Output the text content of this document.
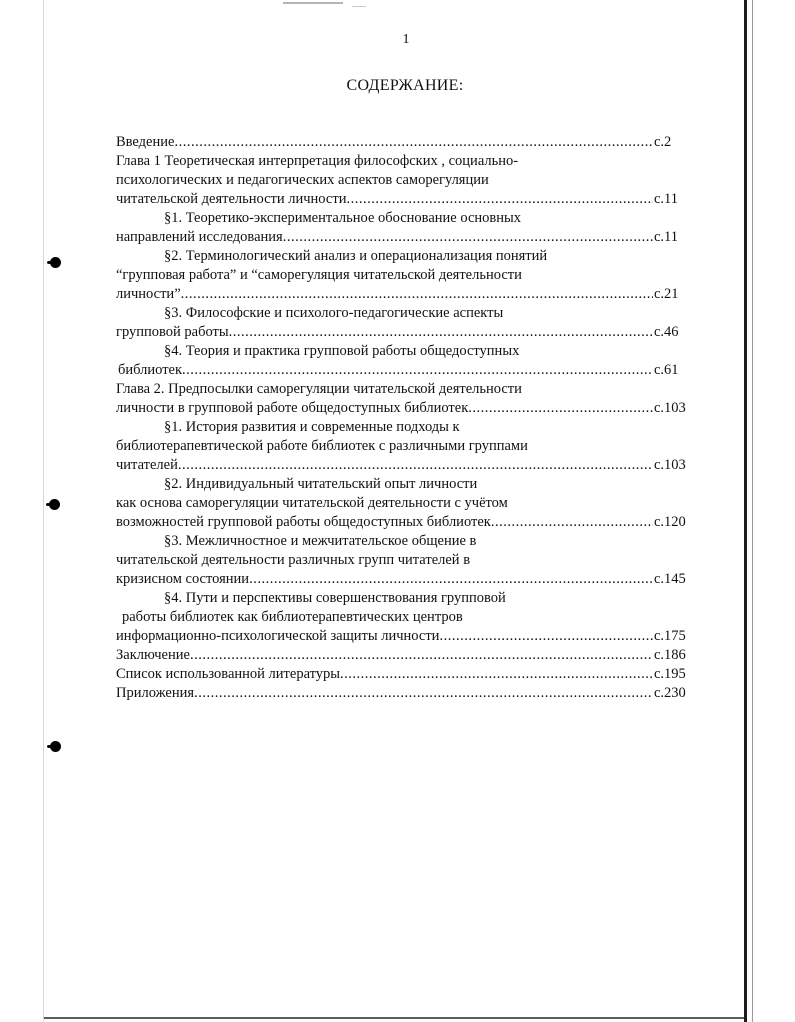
1
СОДЕРЖАНИЕ:
Введение .....	с.2
Глава 1 Теоретическая интерпретация философских , социально-
психологических и педагогических аспектов саморегуляции
читательской деятельности личности .....	с.11
§1. Теоретико-экспериментальное обоснование основных
направлений исследования .....	с.11
§2. Терминологический анализ и операционализация понятий
“групповая работа” и “саморегуляция читательской деятельности
личности” .....	с.21
§3. Философские и психолого-педагогические аспекты
групповой работы .....	с.46
§4. Теория и практика групповой работы общедоступных
библиотек .....	с.61
Глава 2. Предпосылки саморегуляции читательской деятельности
личности в групповой работе общедоступных библиотек .....	с.103
§1. История развития и современные подходы к
библиотерапевтической работе библиотек с различными группами
читателей .....	с.103
§2. Индивидуальный читательский опыт личности
как основа саморегуляции читательской деятельности с учётом
возможностей групповой работы общедоступных библиотек .....	с.120
§3. Межличностное и межчитательское общение в
читательской деятельности различных групп читателей в
кризисном состоянии .....	с.145
§4. Пути и перспективы совершенствования групповой
работы библиотек как библиотерапевтических центров
информационно-психологической защиты личности .....	с.175
Заключение .....	с.186
Список использованной литературы .....	с.195
Приложения .....	с.230
